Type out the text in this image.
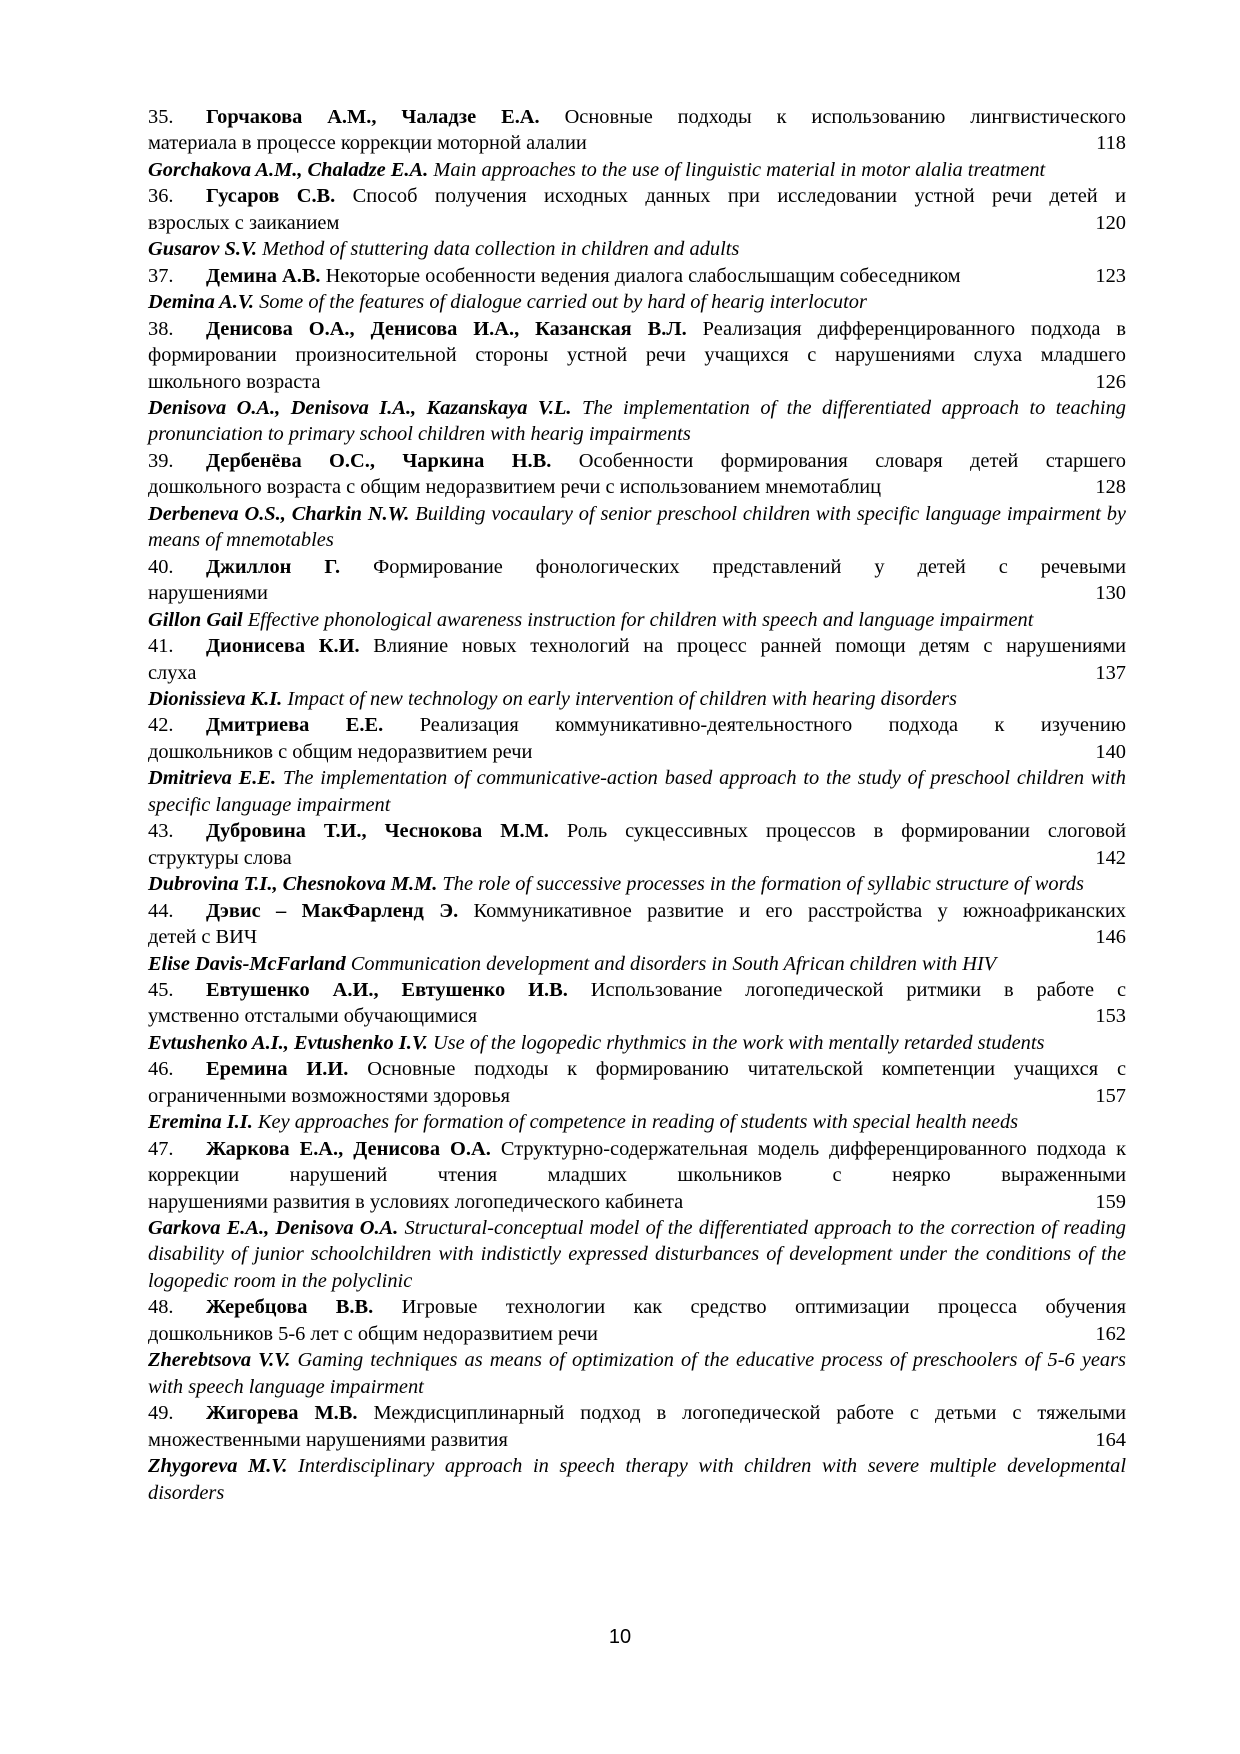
35. Горчакова А.М., Чаладзе Е.А. Основные подходы к использованию лингвистического
материала в процессе коррекции моторной алалии	118
Gorchakova A.M., Chaladze E.A. Main approaches to the use of linguistic material in motor alalia treatment
36. Гусаров С.В. Способ получения исходных данных при исследовании устной речи детей и
взрослых с заиканием	120
Gusarov S.V. Method of stuttering data collection in children and adults
37. Демина А.В. Некоторые особенности ведения диалога слабослышащим собеседником	123
Demina A.V. Some of the features of dialogue carried out by hard of hearig interlocutor
38. Денисова О.А., Денисова И.А., Казанская В.Л. Реализация дифференцированного подхода в формировании произносительной стороны устной речи учащихся с нарушениями слуха младшего
школьного возраста	126
Denisova O.A., Denisova I.A., Kazanskaya V.L. The implementation of the differentiated approach to teaching pronunciation to primary school children with hearig impairments
39. Дербенёва О.С., Чаркина Н.В. Особенности формирования словаря детей старшего
дошкольного возраста с общим недоразвитием речи с использованием мнемотаблиц	128
Derbeneva O.S., Charkin N.W. Building vocaulary of senior preschool children with specific language impairment by means of mnemotables
40. Джиллон Г. Формирование фонологических представлений у детей с речевыми
нарушениями	130
Gillon Gail Effective phonological awareness instruction for children with speech and language impairment
41. Дионисева К.И. Влияние новых технологий на процесс ранней помощи детям с нарушениями
слуха	137
Dionissieva K.I. Impact of new technology on early intervention of children with hearing disorders
42. Дмитриева Е.Е. Реализация коммуникативно-деятельностного подхода к изучению
дошкольников с общим недоразвитием речи	140
Dmitrieva E.E. The implementation of communicative-action based approach to the study of preschool children with specific language impairment
43. Дубровина Т.И., Чеснокова М.М. Роль сукцессивных процессов в формировании слоговой
структуры слова	142
Dubrovina T.I., Chesnokova M.M. The role of successive processes in the formation of syllabic structure of words
44. Дэвис – МакФарленд Э. Коммуникативное развитие и его расстройства у южноафриканских
детей с ВИЧ	146
Elise Davis-McFarland Communication development and disorders in South African children with HIV
45. Евтушенко А.И., Евтушенко И.В. Использование логопедической ритмики в работе с
умственно отсталыми обучающимися	153
Evtushenko A.I., Evtushenko I.V. Use of the logopedic rhythmics in the work with mentally retarded students
46. Еремина И.И. Основные подходы к формированию читательской компетенции учащихся с
ограниченными возможностями здоровья	157
Eremina I.I. Key approaches for formation of competence in reading of students with special health needs
47. Жаркова Е.А., Денисова О.А. Структурно-содержательная модель дифференцированного подхода к коррекции нарушений чтения младших школьников с неярко выраженными
нарушениями развития в условиях логопедического кабинета	159
Garkova E.A., Denisova O.A. Structural-conceptual model of the differentiated approach to the correction of reading disability of junior schoolchildren with indistictly expressed disturbances of development under the conditions of the logopedic room in the polyclinic
48. Жеребцова В.В. Игровые технологии как средство оптимизации процесса обучения
дошкольников 5-6 лет с общим недоразвитием речи	162
Zherebtsova V.V. Gaming techniques as means of optimization of the educative process of preschoolers of 5-6 years with speech language impairment
49. Жигорева М.В. Междисциплинарный подход в логопедической работе с детьми с тяжелыми
множественными нарушениями развития	164
Zhygoreva M.V. Interdisciplinary approach in speech therapy with children with severe multiple developmental disorders
10
